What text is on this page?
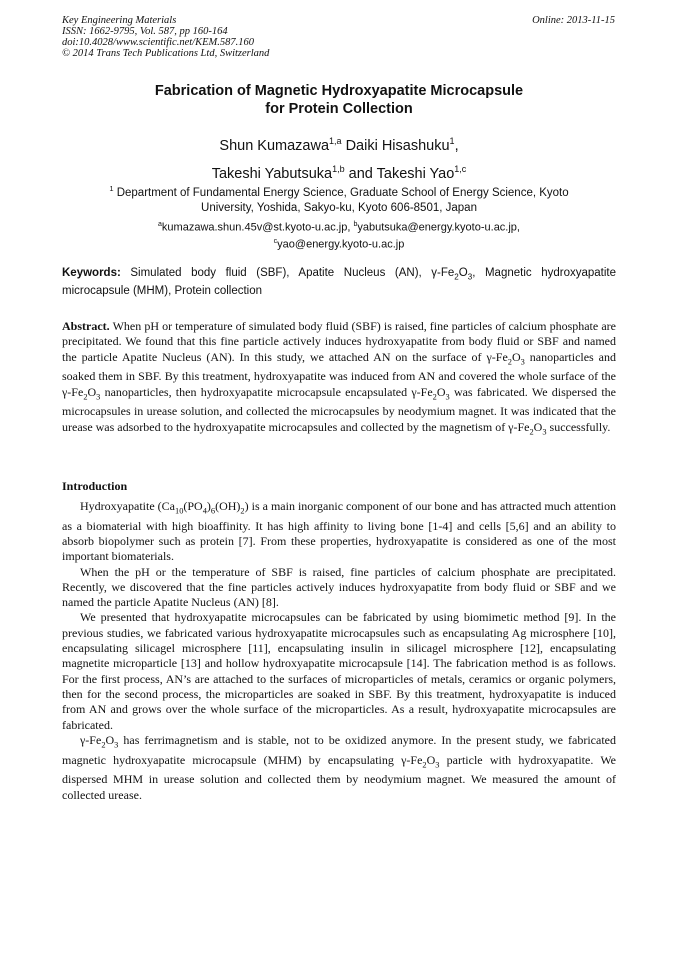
Key Engineering Materials
ISSN: 1662-9795, Vol. 587, pp 160-164
doi:10.4028/www.scientific.net/KEM.587.160
© 2014 Trans Tech Publications Ltd, Switzerland
Online: 2013-11-15
Fabrication of Magnetic Hydroxyapatite Microcapsule
for Protein Collection
Shun Kumazawa$^{1,a}$ Daiki Hisashuku$^1$,
Takeshi Yabutsuka$^{1,b}$ and Takeshi Yao$^{1,c}$
$^1$ Department of Fundamental Energy Science, Graduate School of Energy Science, Kyoto
University, Yoshida, Sakyo-ku, Kyoto 606-8501, Japan
$^a$kumazawa.shun.45v@st.kyoto-u.ac.jp, $^b$yabutsuka@energy.kyoto-u.ac.jp,
$^c$yao@energy.kyoto-u.ac.jp
Keywords: Simulated body fluid (SBF), Apatite Nucleus (AN), $\gamma-Fe_2O_3$, Magnetic hydroxyapatite microcapsule (MHM), Protein collection
Abstract. When pH or temperature of simulated body fluid (SBF) is raised, fine particles of calcium phosphate are precipitated. We found that this fine particle actively induces hydroxyapatite from body fluid or SBF and named the particle Apatite Nucleus (AN). In this study, we attached AN on the surface of $\gamma-Fe_2O_3$ nanoparticles and soaked them in SBF. By this treatment, hydroxyapatite was induced from AN and covered the whole surface of the $\gamma-Fe_2O_3$ nanoparticles, then hydroxyapatite microcapsule encapsulated $\gamma-Fe_2O_3$ was fabricated. We dispersed the microcapsules in urease solution, and collected the microcapsules by neodymium magnet. It was indicated that the urease was adsorbed to the hydroxyapatite microcapsules and collected by the magnetism of $\gamma-Fe_2O_3$ successfully.
Introduction

Hydroxyapatite $(Ca_{10}(PO_4)_6(OH)_2)$ is a main inorganic component of our bone and has attracted much attention as a biomaterial with high bioaffinity. It has high affinity to living bone [1-4] and cells [5,6] and an ability to absorb biopolymer such as protein [7]. From these properties, hydroxyapatite is considered as one of the most important biomaterials.

When the pH or the temperature of SBF is raised, fine particles of calcium phosphate are precipitated. Recently, we discovered that the fine particles actively induces hydroxyapatite from body fluid or SBF and we named the particle Apatite Nucleus (AN) [8].

We presented that hydroxyapatite microcapsules can be fabricated by using biomimetic method [9]. In the previous studies, we fabricated various hydroxyapatite microcapsules such as encapsulating Ag microsphere [10], encapsulating silicagel microsphere [11], encapsulating insulin in silicagel microsphere [12], encapsulating magnetite microparticle [13] and hollow hydroxyapatite microcapsule [14]. The fabrication method is as follows. For the first process, AN’s are attached to the surfaces of microparticles of metals, ceramics or organic polymers, then for the second process, the microparticles are soaked in SBF. By this treatment, hydroxyapatite is induced from AN and grows over the whole surface of the microparticles. As a result, hydroxyapatite microcapsules are fabricated.

$\gamma-Fe_2O_3$ has ferrimagnetism and is stable, not to be oxidized anymore. In the present study, we fabricated magnetic hydroxyapatite microcapsule (MHM) by encapsulating $\gamma-Fe_2O_3$ particle with hydroxyapatite. We dispersed MHM in urease solution and collected them by neodymium magnet. We measured the amount of collected urease.
